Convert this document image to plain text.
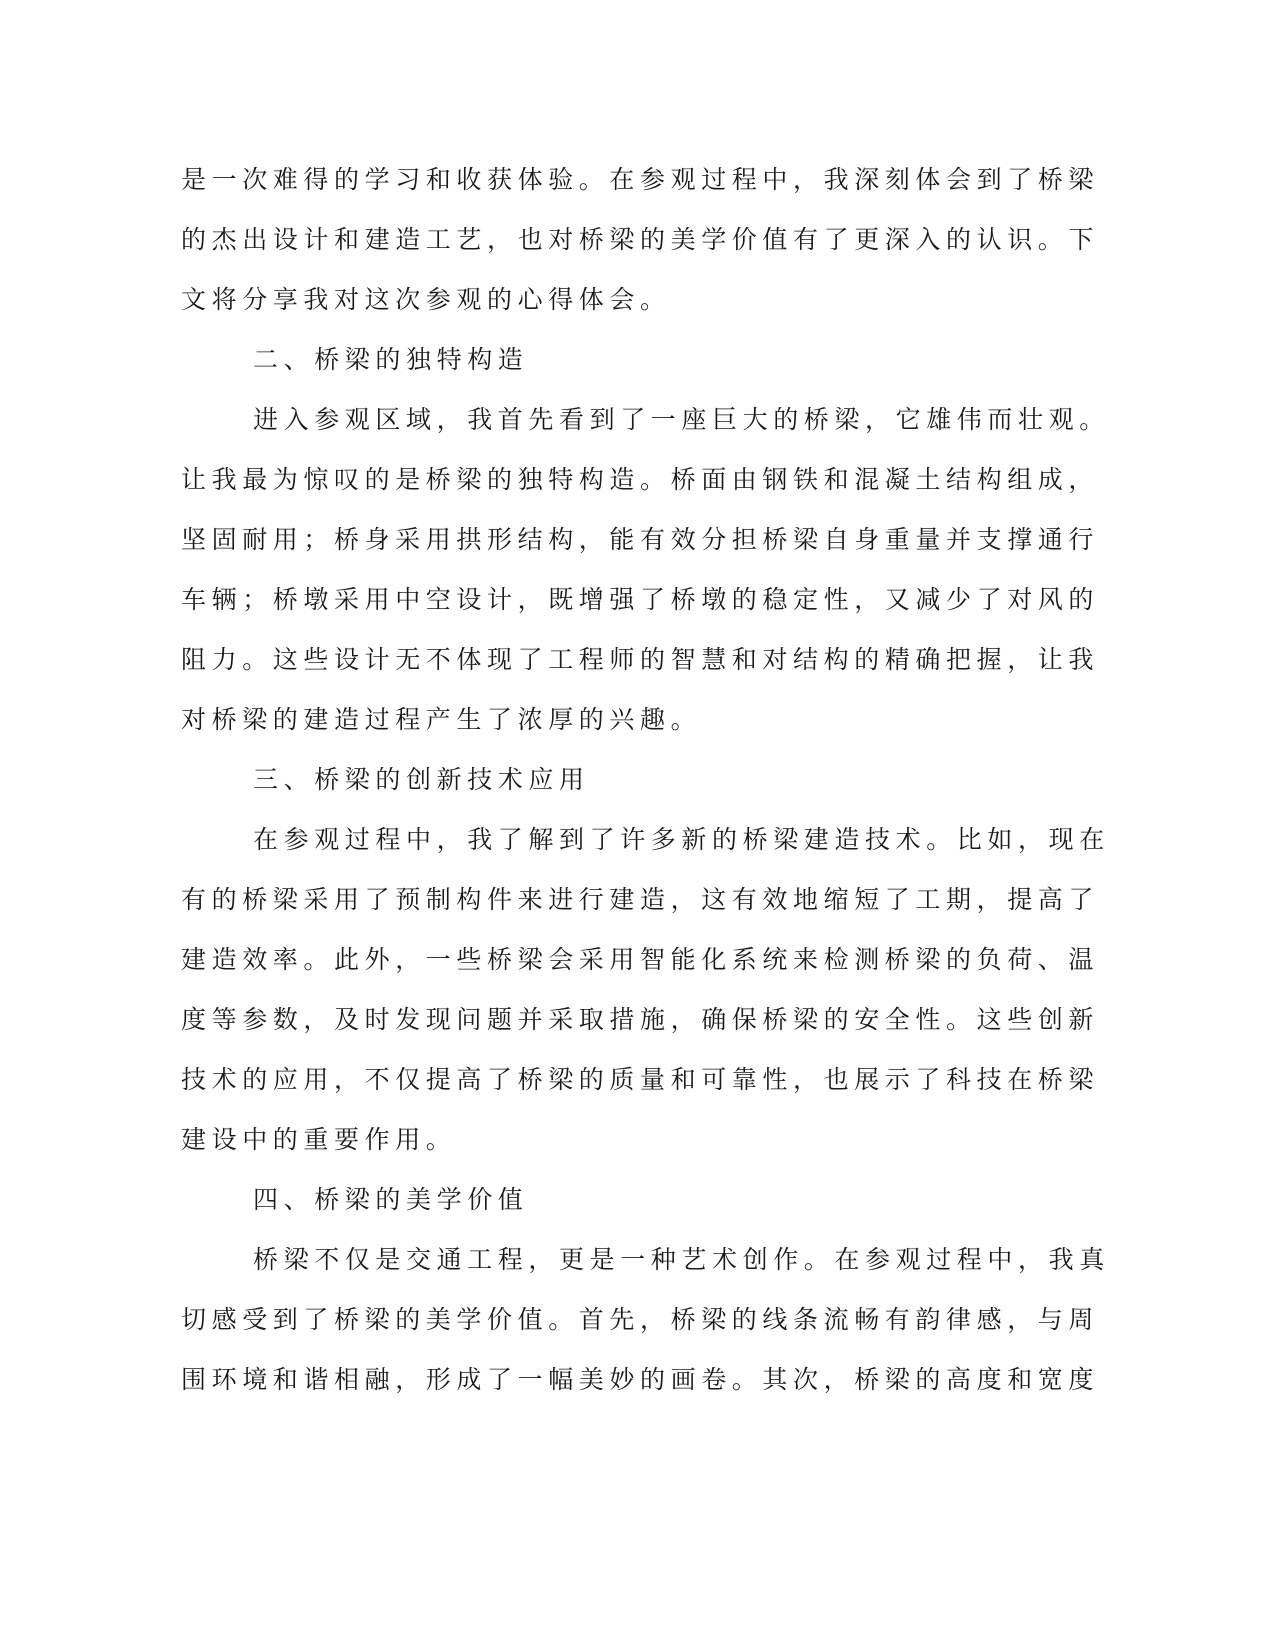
是一次难得的学习和收获体验。在参观过程中，我深刻体会到了桥梁
的杰出设计和建造工艺，也对桥梁的美学价值有了更深入的认识。下
文将分享我对这次参观的心得体会。
二、桥梁的独特构造
进入参观区域，我首先看到了一座巨大的桥梁，它雄伟而壮观。
让我最为惊叹的是桥梁的独特构造。桥面由钢铁和混凝土结构组成，
坚固耐用；桥身采用拱形结构，能有效分担桥梁自身重量并支撑通行
车辆；桥墩采用中空设计，既增强了桥墩的稳定性，又减少了对风的
阻力。这些设计无不体现了工程师的智慧和对结构的精确把握，让我
对桥梁的建造过程产生了浓厚的兴趣。
三、桥梁的创新技术应用
在参观过程中，我了解到了许多新的桥梁建造技术。比如，现在
有的桥梁采用了预制构件来进行建造，这有效地缩短了工期，提高了
建造效率。此外，一些桥梁会采用智能化系统来检测桥梁的负荷、温
度等参数，及时发现问题并采取措施，确保桥梁的安全性。这些创新
技术的应用，不仅提高了桥梁的质量和可靠性，也展示了科技在桥梁
建设中的重要作用。
四、桥梁的美学价值
桥梁不仅是交通工程，更是一种艺术创作。在参观过程中，我真
切感受到了桥梁的美学价值。首先，桥梁的线条流畅有韵律感，与周
围环境和谐相融，形成了一幅美妙的画卷。其次，桥梁的高度和宽度
